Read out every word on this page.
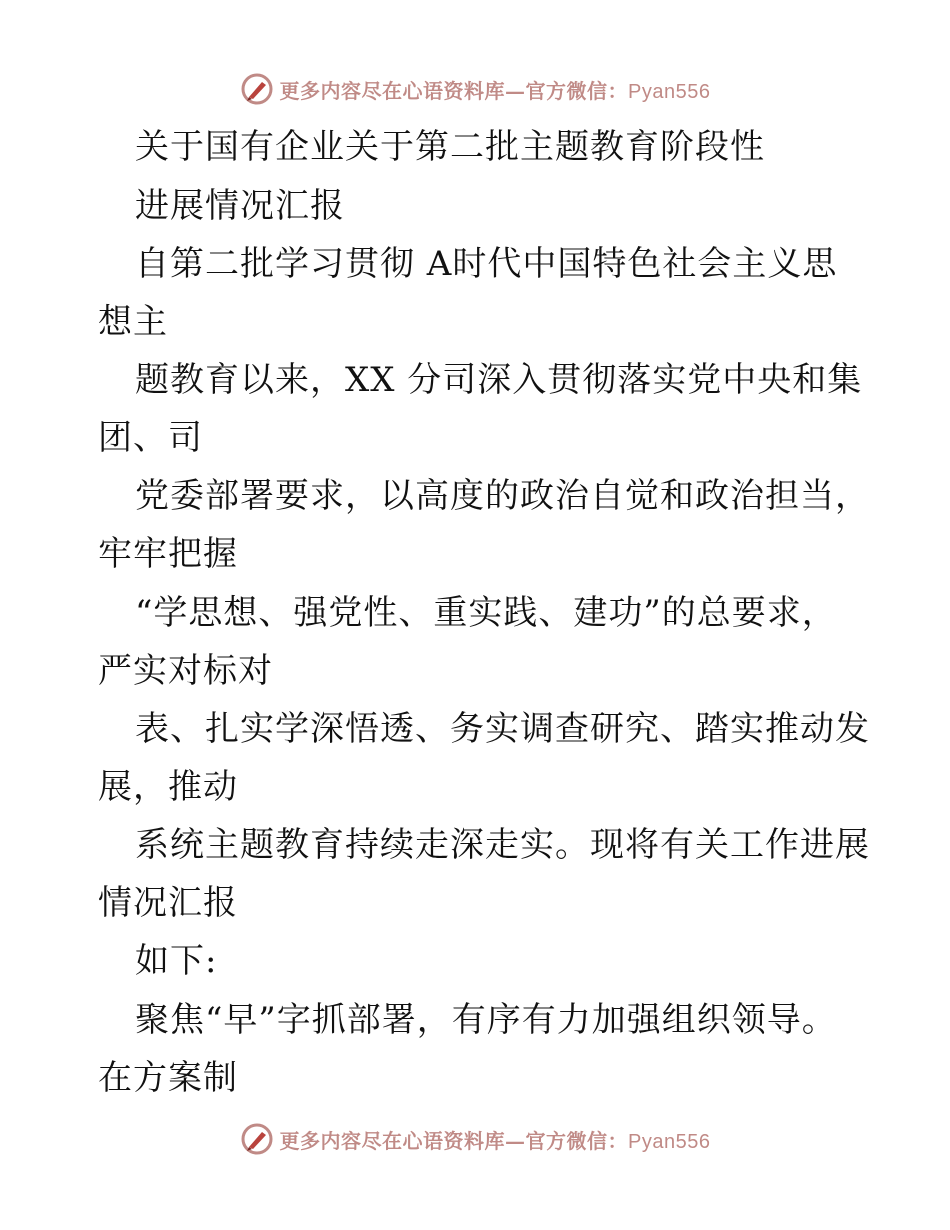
更多内容尽在心语资料库—官方微信：Pyan556
关于国有企业关于第二批主题教育阶段性
进展情况汇报
自第二批学习贯彻 A时代中国特色社会主义思
想主
题教育以来，XX 分司深入贯彻落实党中央和集
团、司
党委部署要求，以高度的政治自觉和政治担当，
牢牢把握
“学思想、强党性、重实践、建功”的总要求，
严实对标对
表、扎实学深悟透、务实调查研究、踏实推动发
展，推动
系统主题教育持续走深走实。现将有关工作进展
情况汇报
如下:
聚焦“早”字抓部署，有序有力加强组织领导。
在方案制
更多内容尽在心语资料库—官方微信：Pyan556
